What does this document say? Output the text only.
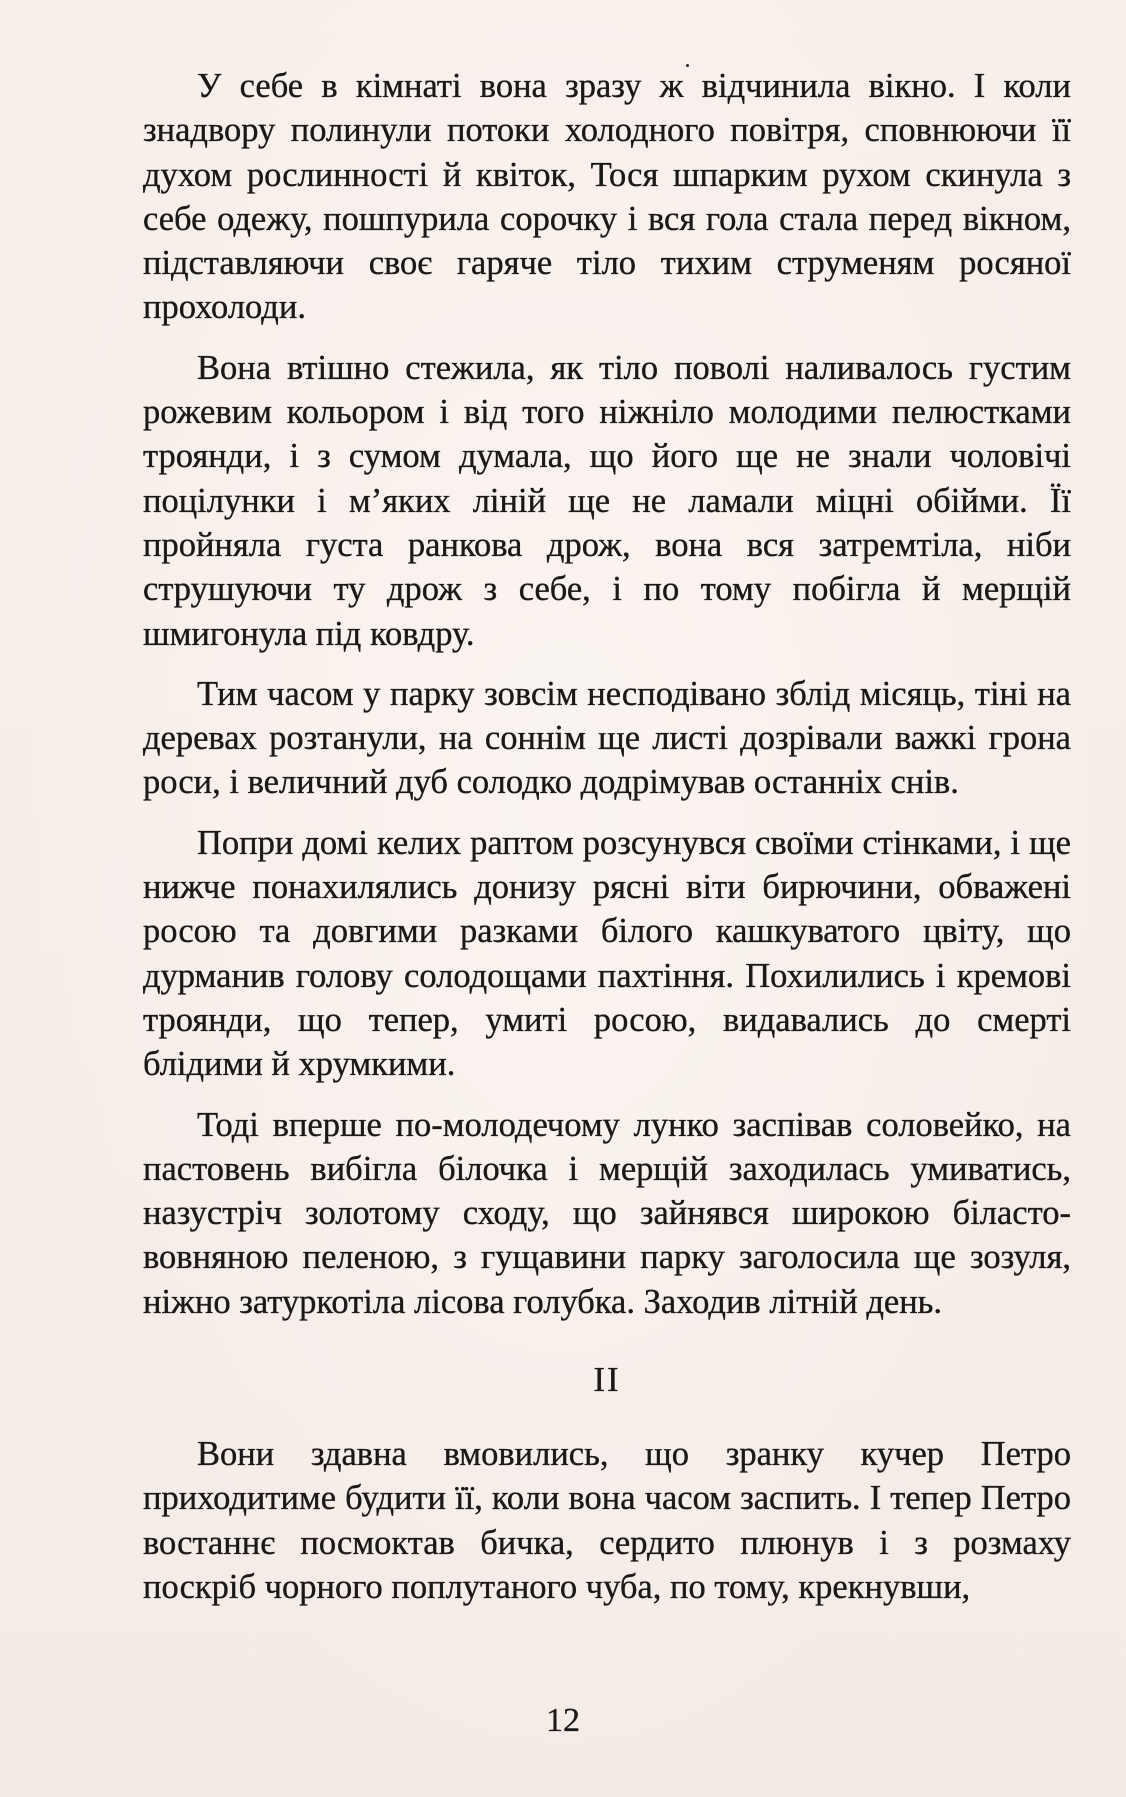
У себе в кімнаті вона зразу ж відчинила вікно. І коли знадвору полинули потоки холодного повітря, сповнюючи її духом рослинності й квіток, Тося шпарким рухом скинула з себе одежу, пошпурила сорочку і вся гола стала перед вікном, підставляючи своє гаряче тіло тихим струменям росяної прохолоди.

Вона втішно стежила, як тіло поволі наливалось густим рожевим кольором і від того ніжніло молодими пелюстками троянди, і з сумом думала, що його ще не знали чоловічі поцілунки і м’яких ліній ще не ламали міцні обійми. Її пройняла густа ранкова дрож, вона вся затремтіла, ніби струшуючи ту дрож з себе, і по тому побігла й мерщій шмигонула під ковдру.

Тим часом у парку зовсім несподівано зблід місяць, тіні на деревах розтанули, на соннім ще листі дозрівали важкі грона роси, і величний дуб солодко додрімував останніх снів.

Попри домі келих раптом розсунувся своїми стінками, і ще нижче понахилялись донизу рясні віти бирючини, обважені росою та довгими разками білого кашкуватого цвіту, що дурманив голову солодощами пахтіння. Похилились і кремові троянди, що тепер, умиті росою, видавались до смерті блідими й хрумкими.

Тоді вперше по-молодечому лунко заспівав соловейко, на пастовень вибігла білочка і мерщій заходилась умиватись, назустріч золотому сходу, що зайнявся широкою біласто-вовняною пеленою, з гущавини парку заголосила ще зозуля, ніжно затуркотіла лісова голубка. Заходив літній день.

II

Вони здавна вмовились, що зранку кучер Петро приходитиме будити її, коли вона часом заспить. І тепер Петро востаннє посмоктав бичка, сердито плюнув і з розмаху поскріб чорного поплутаного чуба, по тому, крекнувши,

12
